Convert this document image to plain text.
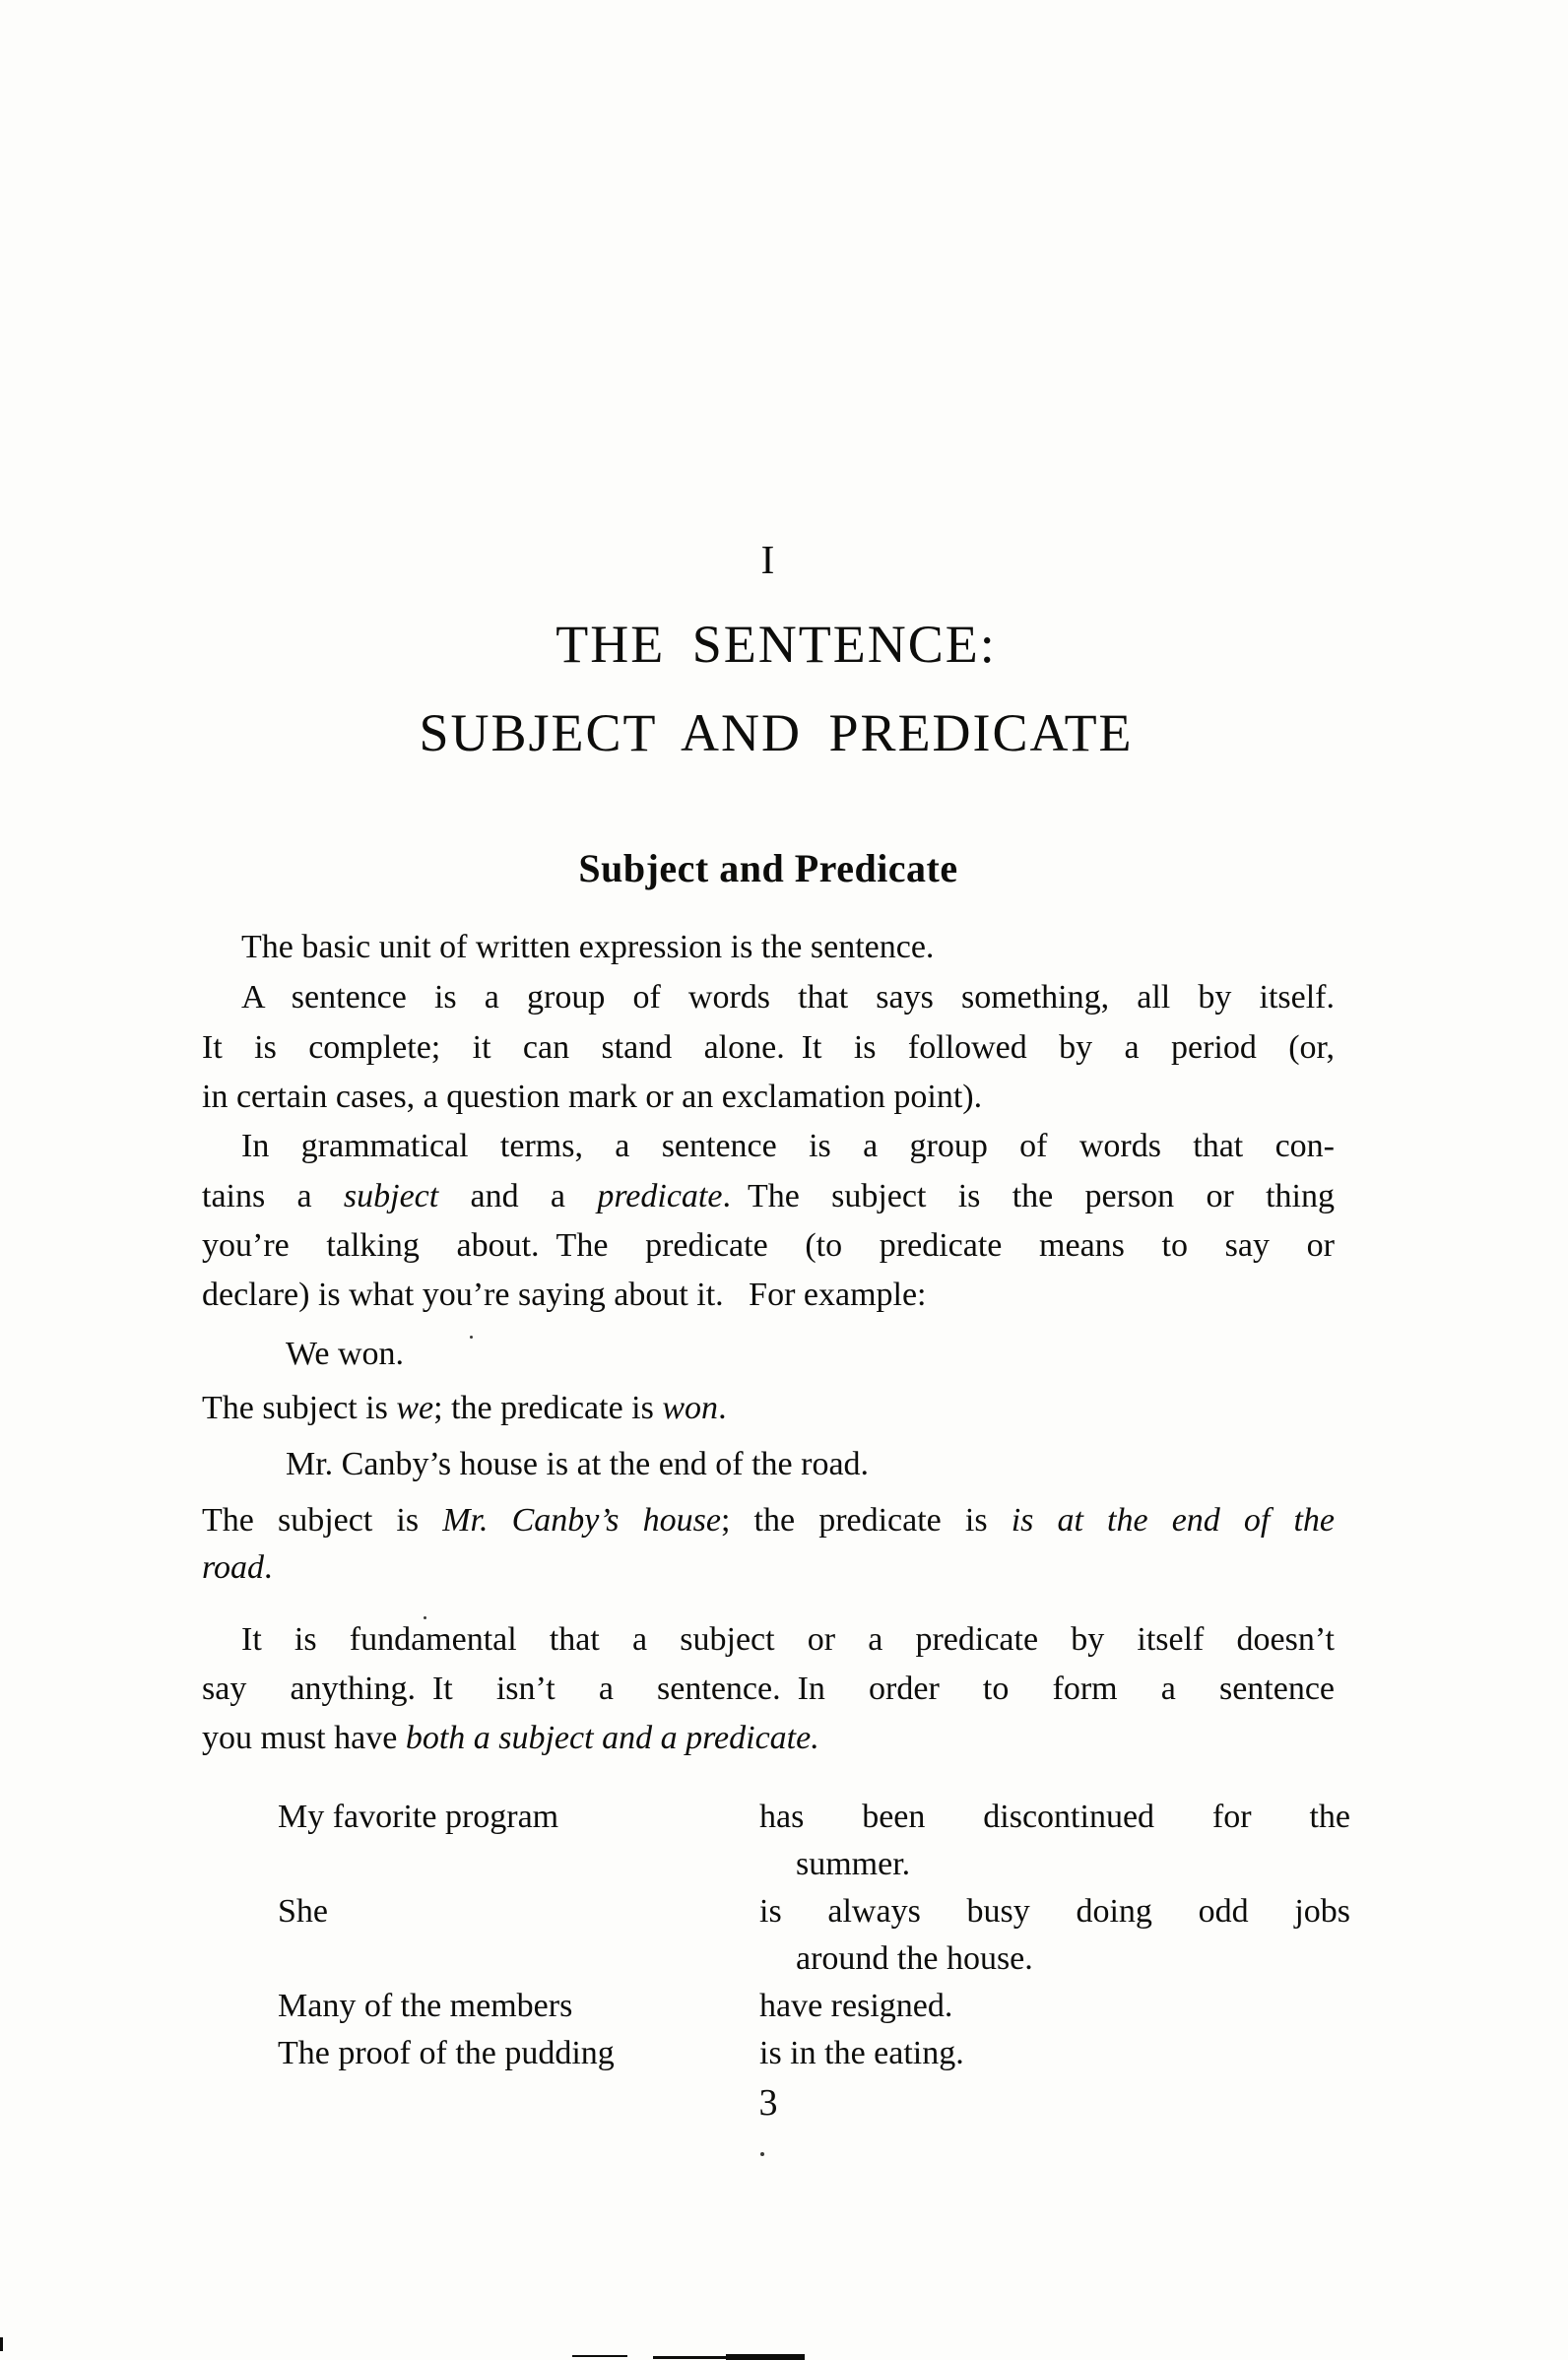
I
THE SENTENCE:
SUBJECT AND PREDICATE
Subject and Predicate
The basic unit of written expression is the sentence.
A sentence is a group of words that says something, all by itself.
It is complete; it can stand alone. It is followed by a period (or,
in certain cases, a question mark or an exclamation point).
In grammatical terms, a sentence is a group of words that con-
tains a subject and a predicate. The subject is the person or thing
you’re talking about. The predicate (to predicate means to say or
declare) is what you’re saying about it.  For example:
We won.
The subject is we; the predicate is won.
Mr. Canby’s house is at the end of the road.
The subject is Mr. Canby’s house; the predicate is is at the end of the
road.
It is fundamental that a subject or a predicate by itself doesn’t
say anything. It isn’t a sentence. In order to form a sentence
you must have both a subject and a predicate.
My favorite program	has been discontinued for the
summer.
She	is always busy doing odd jobs
around the house.
Many of the members	have resigned.
The proof of the pudding	is in the eating.
3
